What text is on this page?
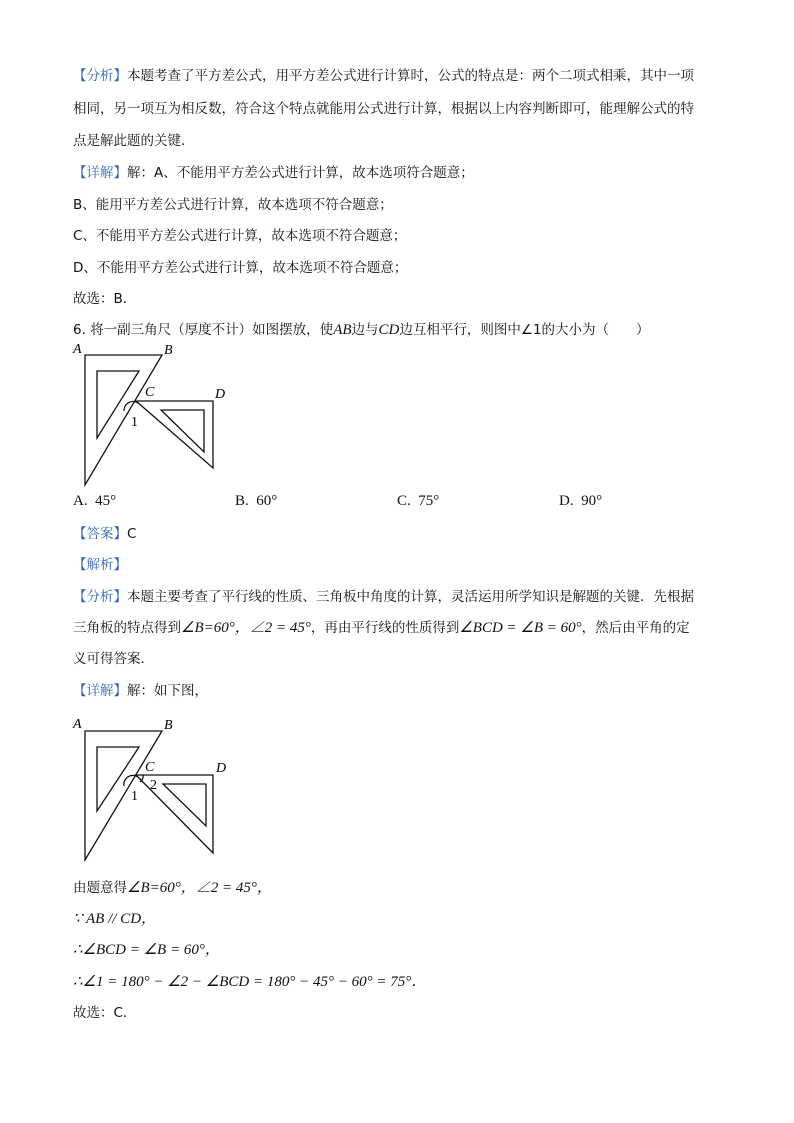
【分析】本题考查了平方差公式，用平方差公式进行计算时，公式的特点是：两个二项式相乘，其中一项
相同，另一项互为相反数，符合这个特点就能用公式进行计算，根据以上内容判断即可，能理解公式的特
点是解此题的关键．
【详解】解：A、不能用平方差公式进行计算，故本选项符合题意；
B、能用平方差公式进行计算，故本选项不符合题意；
C、不能用平方差公式进行计算，故本选项不符合题意；
D、不能用平方差公式进行计算，故本选项不符合题意；
故选：B．
6. 将一副三角尺（厚度不计）如图摆放，使AB边与CD边互相平行，则图中∠1的大小为（　　）
A	B
C	D
1
A. 45°	B. 60°	C. 75°	D. 90°
【答案】C
【解析】
【分析】本题主要考查了平行线的性质、三角板中角度的计算，灵活运用所学知识是解题的关键．先根据
三角板的特点得到∠B=60°，∠2 = 45°，再由平行线的性质得到∠BCD = ∠B = 60°，然后由平角的定
义可得答案．
【详解】解：如下图，
A	B
C	D
1
2
由题意得∠B=60°，∠2 = 45°，
∵ AB // CD，
∴∠BCD = ∠B = 60°，
∴∠1 = 180° − ∠2 − ∠BCD = 180° − 45° − 60° = 75°．
故选：C．
